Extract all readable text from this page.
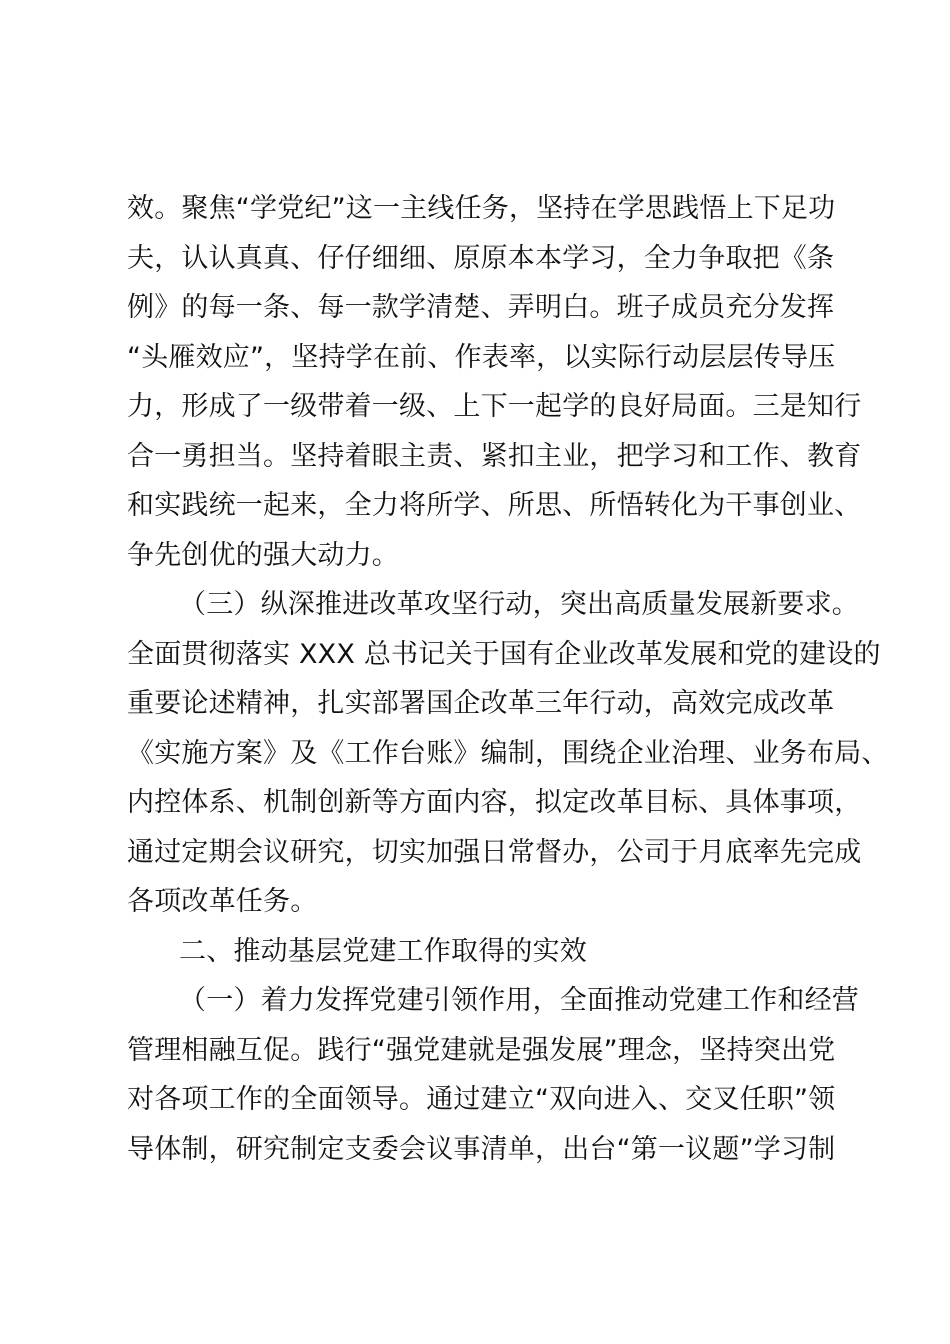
效。聚焦“学党纪”这一主线任务，坚持在学思践悟上下足功
夫，认认真真、仔仔细细、原原本本学习，全力争取把《条
例》的每一条、每一款学清楚、弄明白。班子成员充分发挥
“头雁效应”，坚持学在前、作表率，以实际行动层层传导压
力，形成了一级带着一级、上下一起学的良好局面。三是知行
合一勇担当。坚持着眼主责、紧扣主业，把学习和工作、教育
和实践统一起来，全力将所学、所思、所悟转化为干事创业、
争先创优的强大动力。
（三）纵深推进改革攻坚行动，突出高质量发展新要求。
全面贯彻落实 XXX 总书记关于国有企业改革发展和党的建设的
重要论述精神，扎实部署国企改革三年行动，高效完成改革
《实施方案》及《工作台账》编制，围绕企业治理、业务布局、
内控体系、机制创新等方面内容，拟定改革目标、具体事项，
通过定期会议研究，切实加强日常督办，公司于月底率先完成
各项改革任务。
二、推动基层党建工作取得的实效
（一）着力发挥党建引领作用，全面推动党建工作和经营
管理相融互促。践行“强党建就是强发展”理念，坚持突出党
对各项工作的全面领导。通过建立“双向进入、交叉任职”领
导体制，研究制定支委会议事清单，出台“第一议题”学习制
